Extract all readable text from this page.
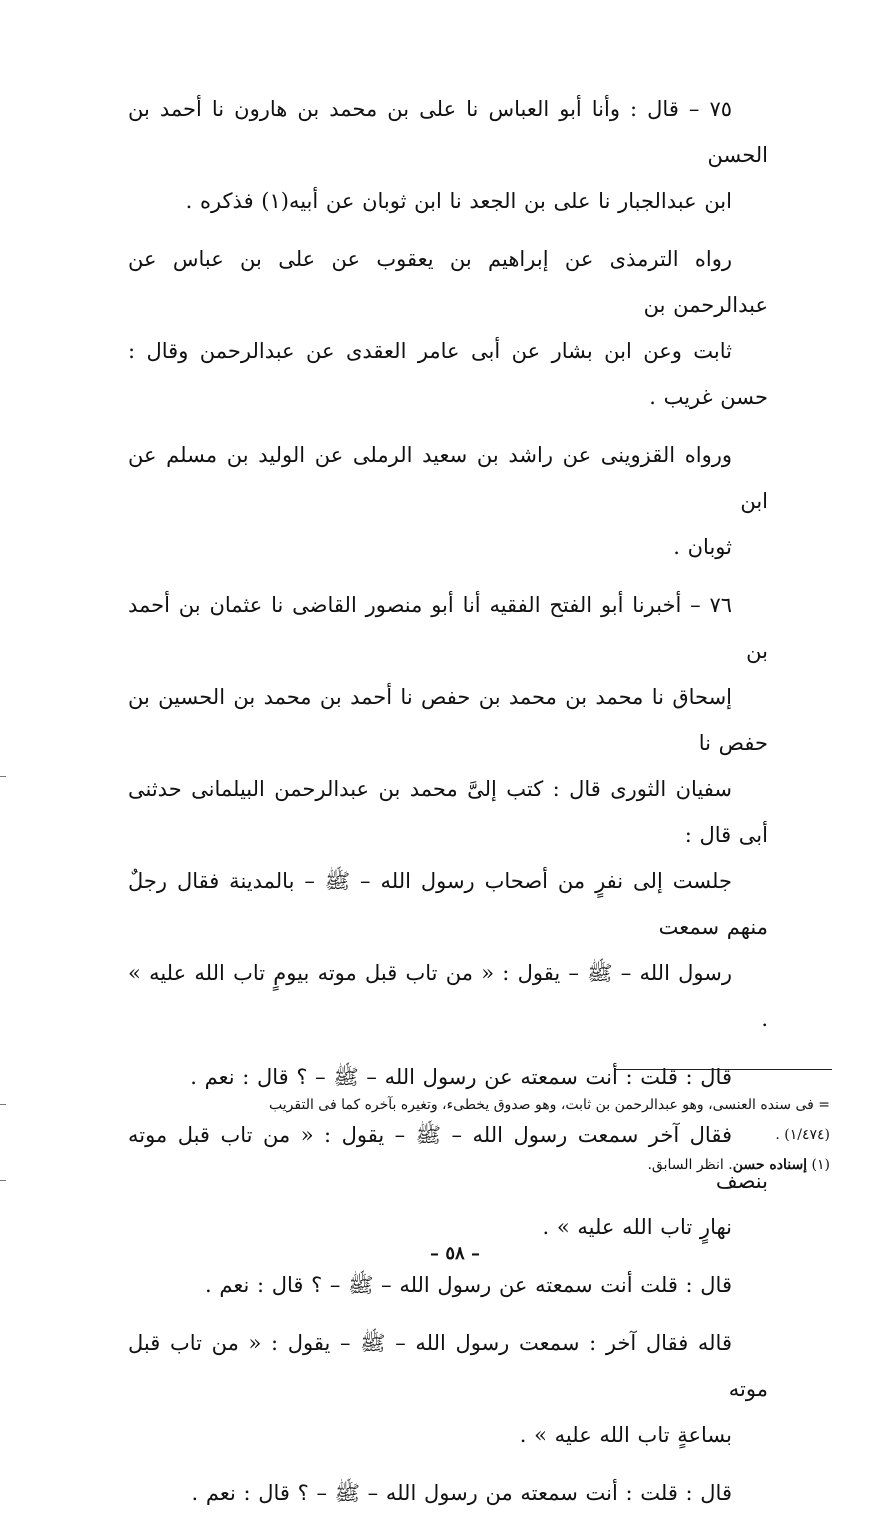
٧٥ – قال : وأنا أبو العباس نا على بن محمد بن هارون نا أحمد بن الحسن
ابن عبدالجبار نا على بن الجعد نا ابن ثوبان عن أبيه(١) فذكره .

رواه الترمذى عن إبراهيم بن يعقوب عن على بن عباس عن عبدالرحمن بن
ثابت وعن ابن بشار عن أبى عامر العقدى عن عبدالرحمن وقال : حسن غريب .

ورواه القزوينى عن راشد بن سعيد الرملى عن الوليد بن مسلم عن ابن
ثوبان .

٧٦ – أخبرنا أبو الفتح الفقيه أنا أبو منصور القاضى نا عثمان بن أحمد بن
إسحاق نا محمد بن محمد بن حفص نا أحمد بن محمد بن الحسين بن حفص نا
سفيان الثورى قال : كتب إلىَّ محمد بن عبدالرحمن البيلمانى حدثنى أبى قال :
جلست إلى نفرٍ من أصحاب رسول الله – ﷺ – بالمدينة فقال رجلٌ منهم سمعت
رسول الله – ﷺ – يقول : « من تاب قبل موته بيومٍ تاب الله عليه » .

قال : قلت : أنت سمعته عن رسول الله – ﷺ – ؟ قال : نعم .

فقال آخر سمعت رسول الله – ﷺ – يقول : « من تاب قبل موته بنصف
نهارٍ تاب الله عليه » .

قال : قلت أنت سمعته عن رسول الله – ﷺ – ؟ قال : نعم .

قاله فقال آخر : سمعت رسول الله – ﷺ – يقول : « من تاب قبل موته
بساعةٍ تاب الله عليه » .

قال : قلت : أنت سمعته من رسول الله – ﷺ – ؟ قال : نعم .

= فى سنده العنسى، وهو عبدالرحمن بن ثابت، وهو صدوق يخطىء، وتغيره بآخره كما فى التقريب
(١/٤٧٤) .
(١) إسناده حسن. انظر السابق.
– ٥٨ –
